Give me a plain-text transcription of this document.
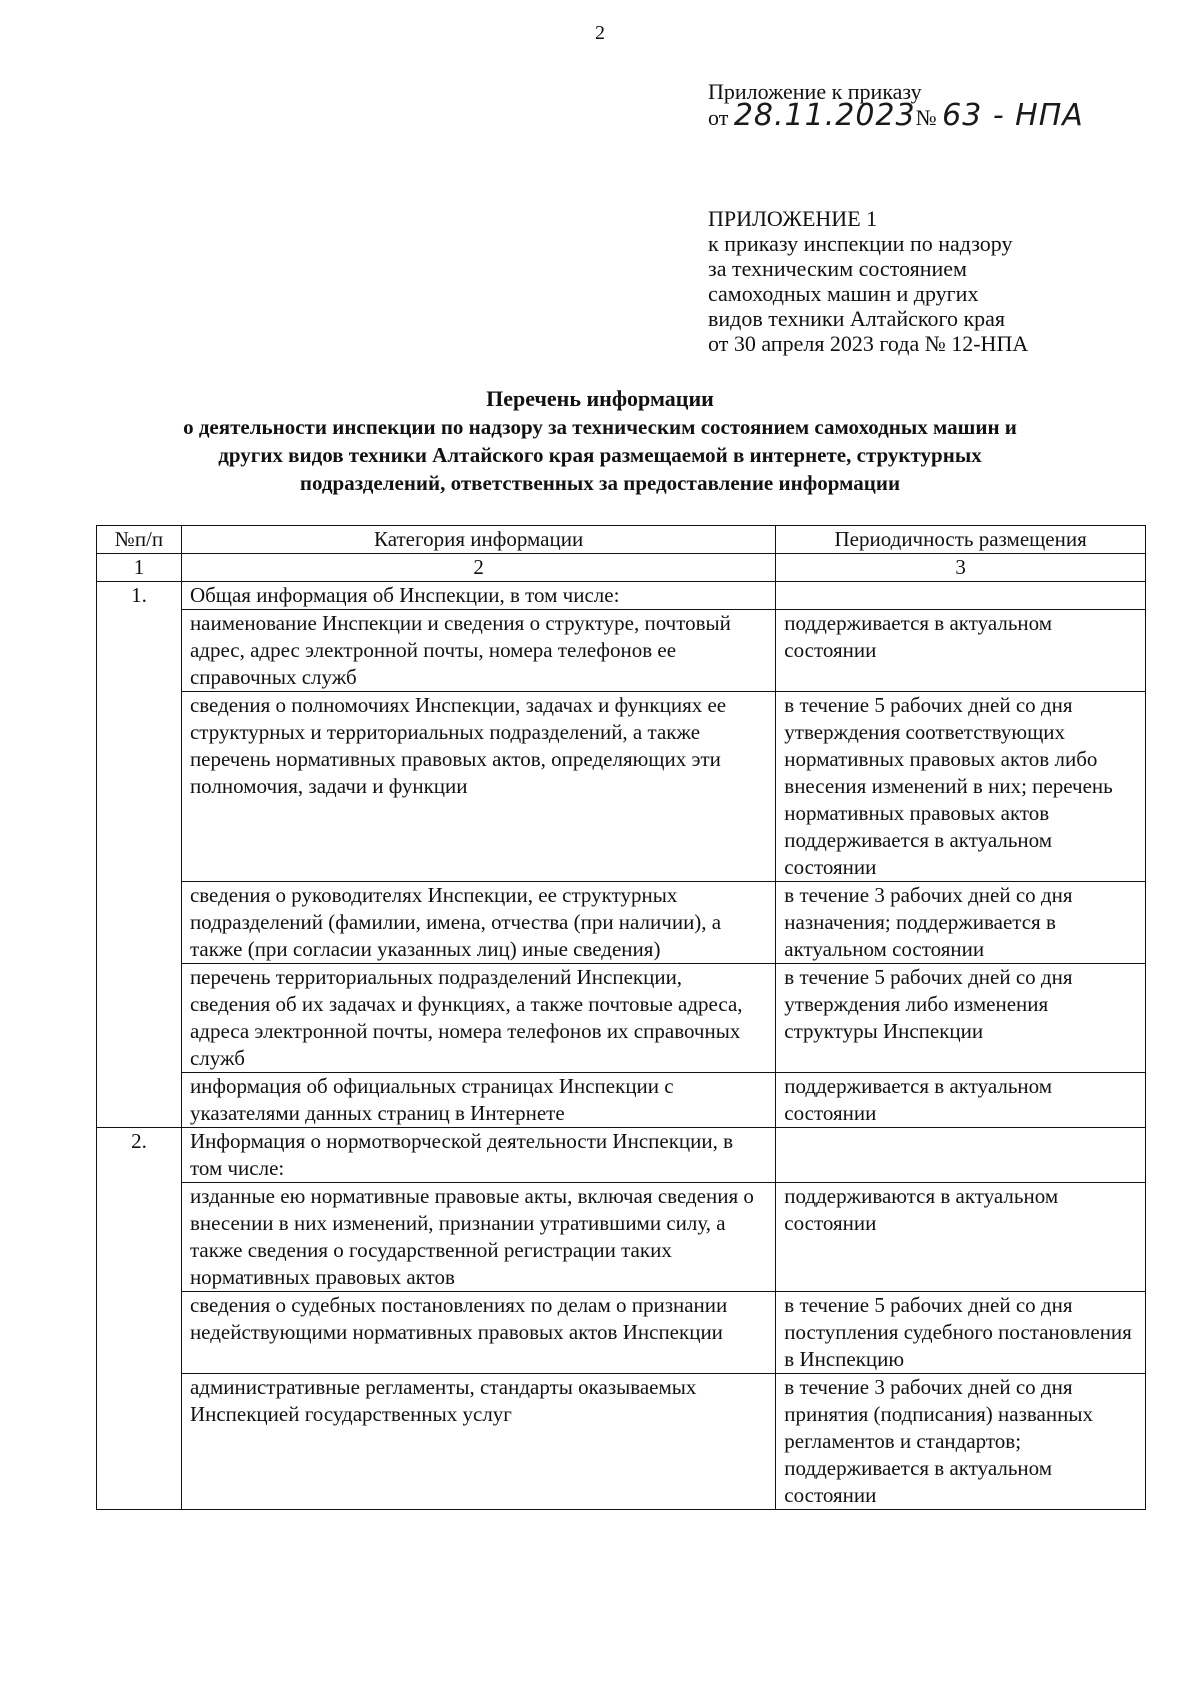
2
Приложение к приказу
от 28.11.2023№ 63 - НПА
ПРИЛОЖЕНИЕ 1
к приказу инспекции по надзору
за техническим состоянием
самоходных машин и других
видов техники Алтайского края
от 30 апреля 2023 года № 12-НПА
Перечень информации
о деятельности инспекции по надзору за техническим состоянием самоходных машин и
других видов техники Алтайского края размещаемой в интернете, структурных
подразделений, ответственных за предоставление информации
№п/п	Категория информации	Периодичность размещения
1	2	3
1.	Общая информация об Инспекции, в том числе:	
	наименование Инспекции и сведения о структуре, почтовый адрес, адрес электронной почты, номера телефонов ее справочных служб	поддерживается в актуальном состоянии
	сведения о полномочиях Инспекции, задачах и функциях ее структурных и территориальных подразделений, а также перечень нормативных правовых актов, определяющих эти полномочия, задачи и функции	в течение 5 рабочих дней со дня утверждения соответствующих нормативных правовых актов либо внесения изменений в них; перечень нормативных правовых актов поддерживается в актуальном состоянии
	сведения о руководителях Инспекции, ее структурных подразделений (фамилии, имена, отчества (при наличии), а также (при согласии указанных лиц) иные сведения)	в течение 3 рабочих дней со дня назначения; поддерживается в актуальном состоянии
	перечень территориальных подразделений Инспекции, сведения об их задачах и функциях, а также почтовые адреса, адреса электронной почты, номера телефонов их справочных служб	в течение 5 рабочих дней со дня утверждения либо изменения структуры Инспекции
	информация об официальных страницах Инспекции с указателями данных страниц в Интернете	поддерживается в актуальном состоянии
2.	Информация о нормотворческой деятельности Инспекции, в том числе:	
	изданные ею нормативные правовые акты, включая сведения о внесении в них изменений, признании утратившими силу, а также сведения о государственной регистрации таких нормативных правовых актов	поддерживаются в актуальном состоянии
	сведения о судебных постановлениях по делам о признании недействующими нормативных правовых актов Инспекции	в течение 5 рабочих дней со дня поступления судебного постановления в Инспекцию
	административные регламенты, стандарты оказываемых Инспекцией государственных услуг	в течение 3 рабочих дней со дня принятия (подписания) названных регламентов и стандартов; поддерживается в актуальном состоянии
